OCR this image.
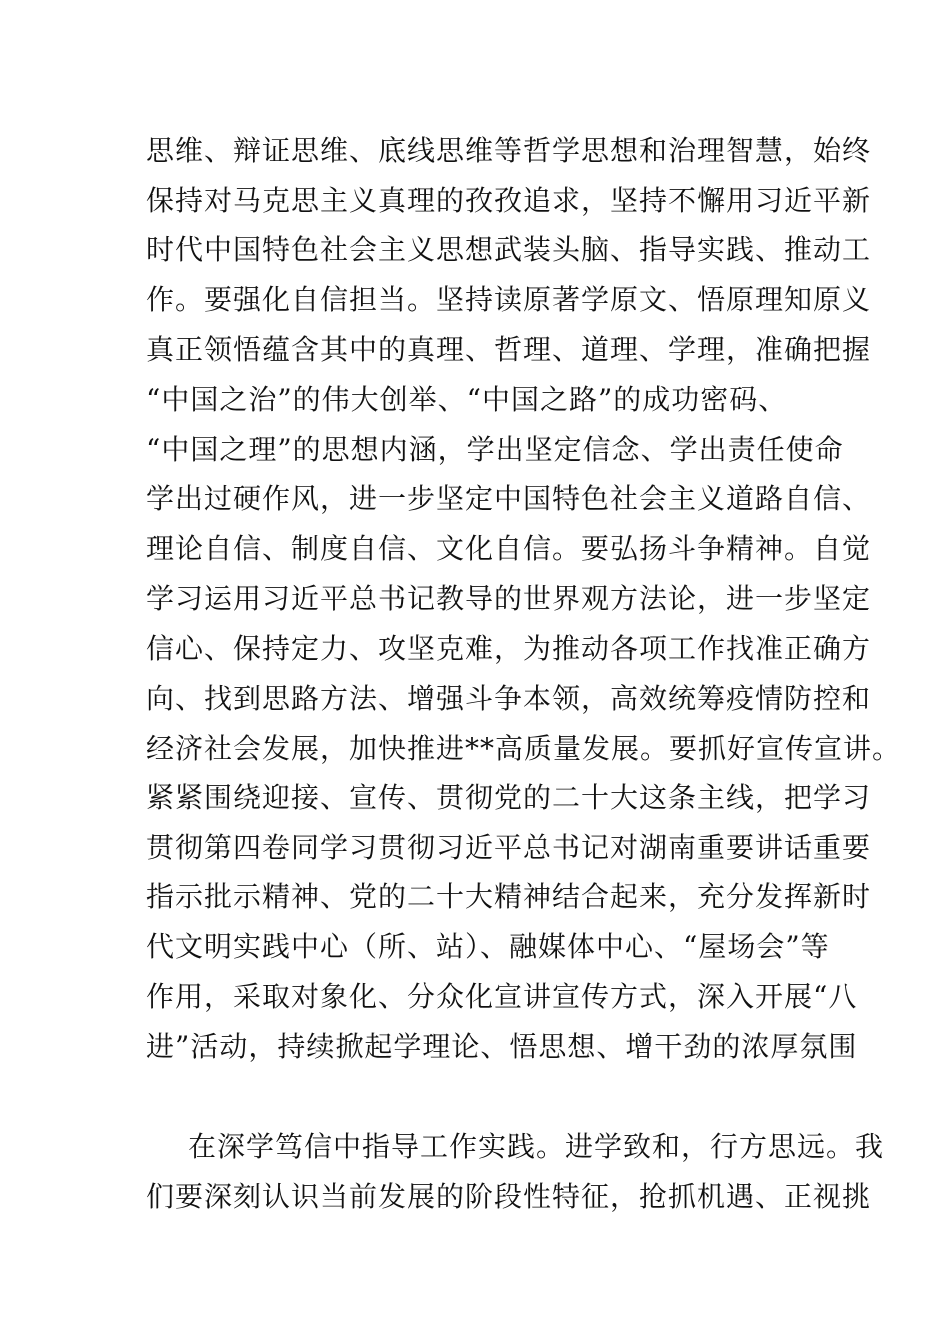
思维、辩证思维、底线思维等哲学思想和治理智慧，始终
保持对马克思主义真理的孜孜追求，坚持不懈用习近平新
时代中国特色社会主义思想武装头脑、指导实践、推动工
作。要强化自信担当。坚持读原著学原文、悟原理知原义
真正领悟蕴含其中的真理、哲理、道理、学理，准确把握
“中国之治”的伟大创举、“中国之路”的成功密码、
“中国之理”的思想内涵，学出坚定信念、学出责任使命
学出过硬作风，进一步坚定中国特色社会主义道路自信、
理论自信、制度自信、文化自信。要弘扬斗争精神。自觉
学习运用习近平总书记教导的世界观方法论，进一步坚定
信心、保持定力、攻坚克难，为推动各项工作找准正确方
向、找到思路方法、增强斗争本领，高效统筹疫情防控和
经济社会发展，加快推进**高质量发展。要抓好宣传宣讲。
紧紧围绕迎接、宣传、贯彻党的二十大这条主线，把学习
贯彻第四卷同学习贯彻习近平总书记对湖南重要讲话重要
指示批示精神、党的二十大精神结合起来，充分发挥新时
代文明实践中心（所、站）、融媒体中心、“屋场会”等
作用，采取对象化、分众化宣讲宣传方式，深入开展“八
进”活动，持续掀起学理论、悟思想、增干劲的浓厚氛围
在深学笃信中指导工作实践。进学致和，行方思远。我
们要深刻认识当前发展的阶段性特征，抢抓机遇、正视挑
